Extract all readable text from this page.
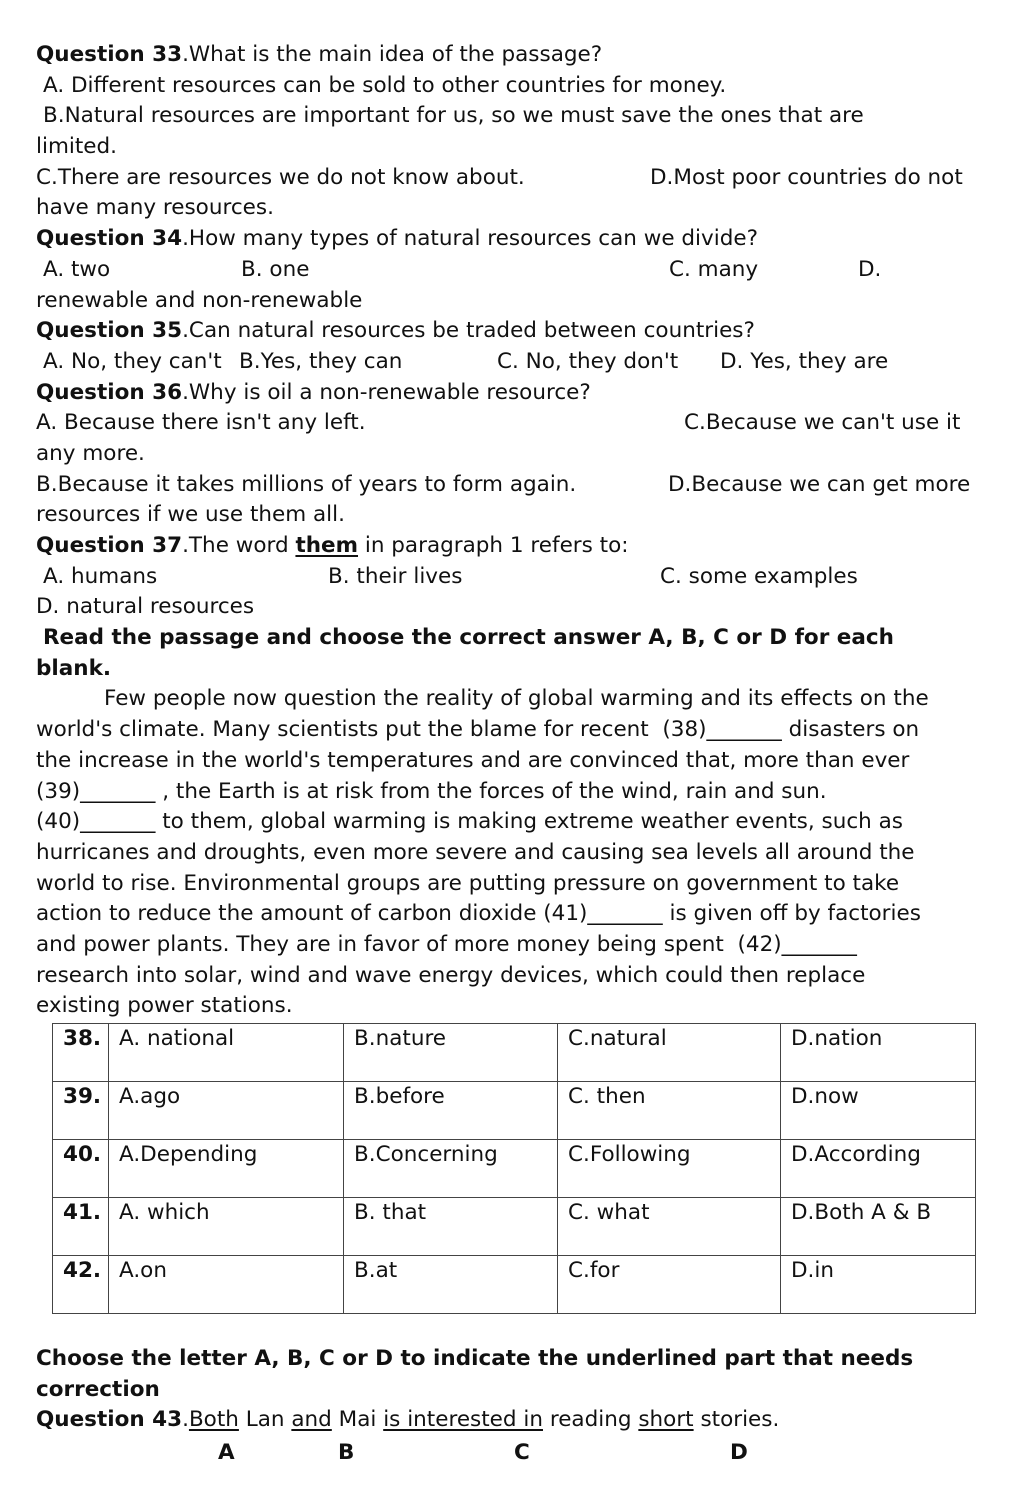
Question 33.What is the main idea of the passage?
A. Different resources can be sold to other countries for money.
B.Natural resources are important for us, so we must save the ones that are
limited.
C.There are resources we do not know about.	D.Most poor countries do not
have many resources.
Question 34.How many types of natural resources can we divide?
A. two	B. one	C. many	D.
renewable and non-renewable
Question 35.Can natural resources be traded between countries?
A. No, they can't B.Yes, they can	C. No, they don't D. Yes, they are
Question 36.Why is oil a non-renewable resource?
A. Because there isn't any left.	C.Because we can't use it
any more.
B.Because it takes millions of years to form again.	D.Because we can get more
resources if we use them all.
Question 37.The word them in paragraph 1 refers to:
A. humans	B. their lives	C. some examples
D. natural resources
Read the passage and choose the correct answer A, B, C or D for each
blank.
Few people now question the reality of global warming and its effects on the
world's climate. Many scientists put the blame for recent  (38)_______ disasters on
the increase in the world's temperatures and are convinced that, more than ever
(39)_______ , the Earth is at risk from the forces of the wind, rain and sun.
(40)_______ to them, global warming is making extreme weather events, such as
hurricanes and droughts, even more severe and causing sea levels all around the
world to rise. Environmental groups are putting pressure on government to take
action to reduce the amount of carbon dioxide (41)_______ is given off by factories
and power plants. They are in favor of more money being spent  (42)_______
research into solar, wind and wave energy devices, which could then replace
existing power stations.
38.	A. national	B.nature	C.natural	D.nation
39.	A.ago	B.before	C. then	D.now
40.	A.Depending	B.Concerning	C.Following	D.According
41.	A. which	B. that	C. what	D.Both A & B
42.	A.on	B.at	C.for	D.in
Choose the letter A, B, C or D to indicate the underlined part that needs
correction
Question 43.Both Lan and Mai is interested in reading short stories.
A	B	C	D
